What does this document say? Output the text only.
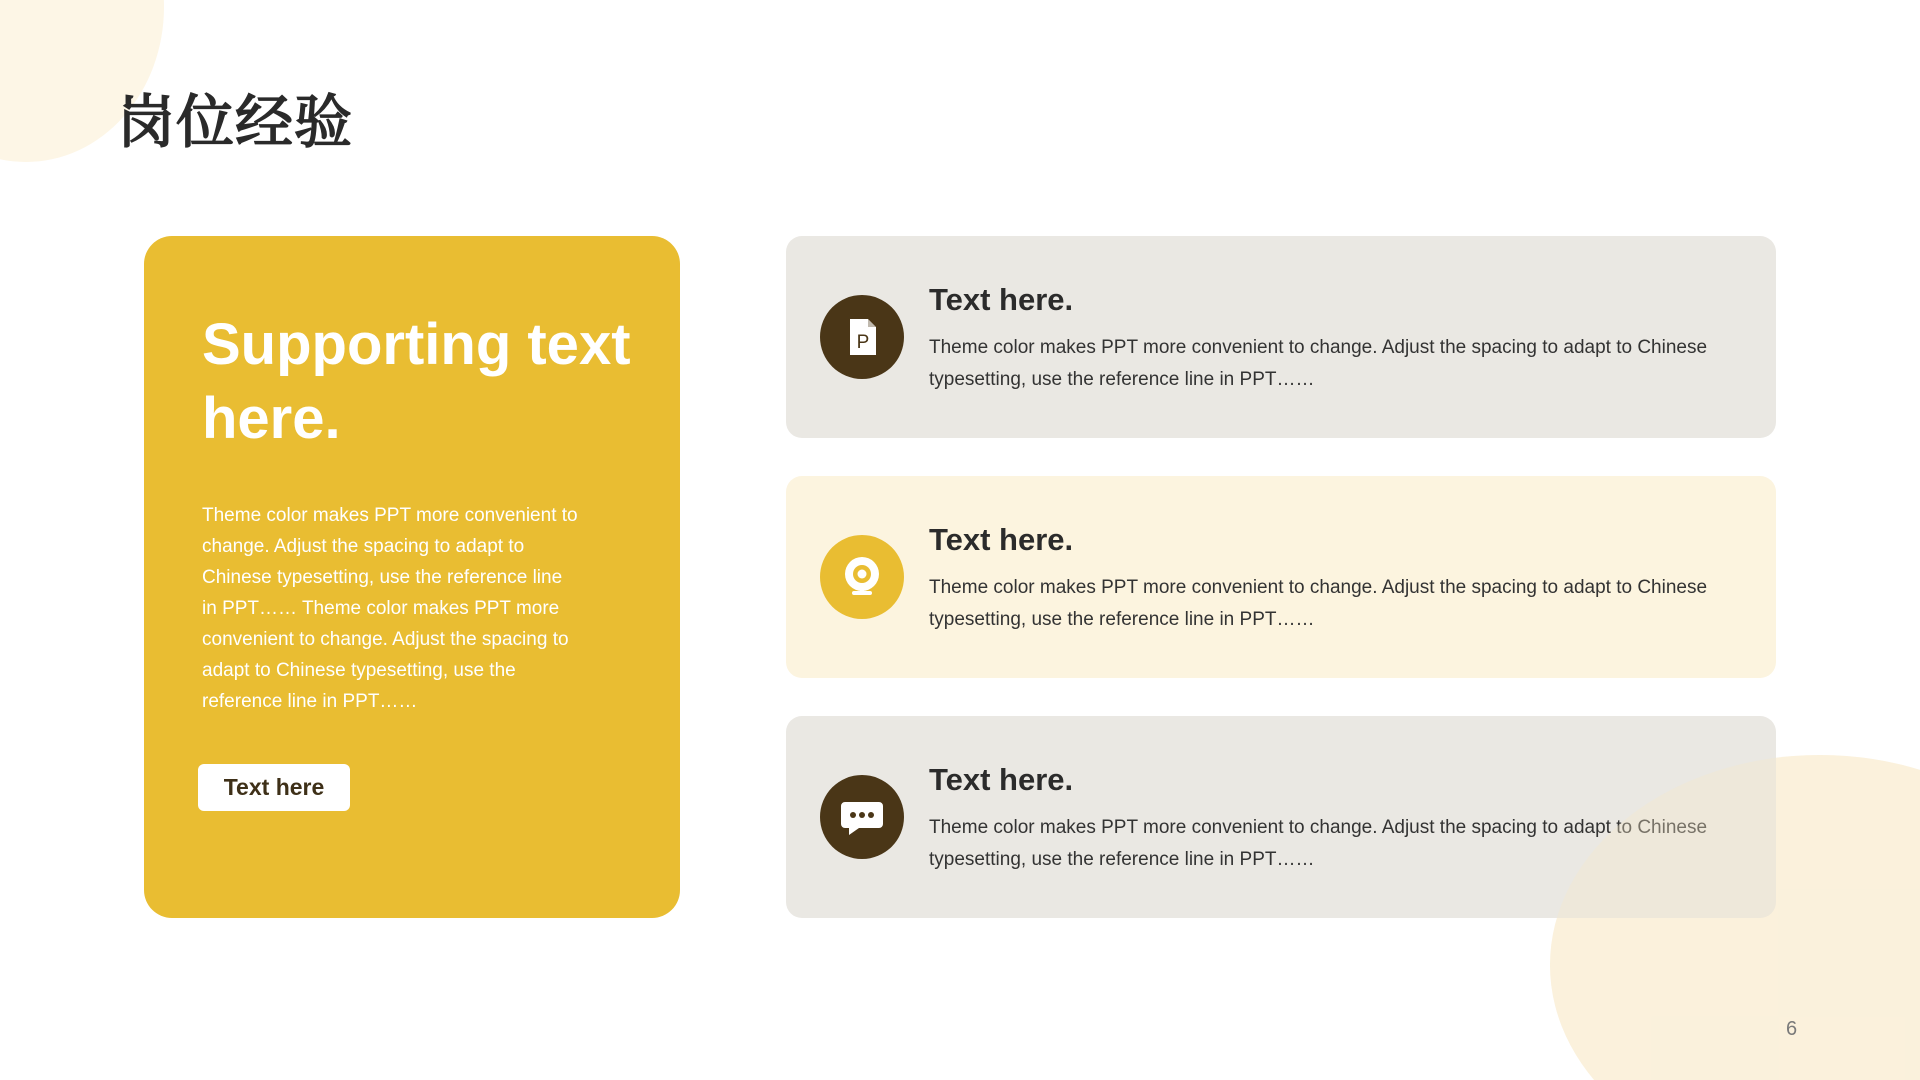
岗位经验
Supporting text here.
Theme color makes PPT more convenient to change. Adjust the spacing to adapt to Chinese typesetting, use the reference line in PPT…… Theme color makes PPT more convenient to change. Adjust the spacing to adapt to Chinese typesetting, use the reference line in PPT……
Text here
P
Text here.
Theme color makes PPT more convenient to change. Adjust the spacing to adapt to Chinese typesetting, use the reference line in PPT……
Text here.
Theme color makes PPT more convenient to change. Adjust the spacing to adapt to Chinese typesetting, use the reference line in PPT……
Text here.
Theme color makes PPT more convenient to change. Adjust the spacing to adapt to Chinese typesetting, use the reference line in PPT……
6
